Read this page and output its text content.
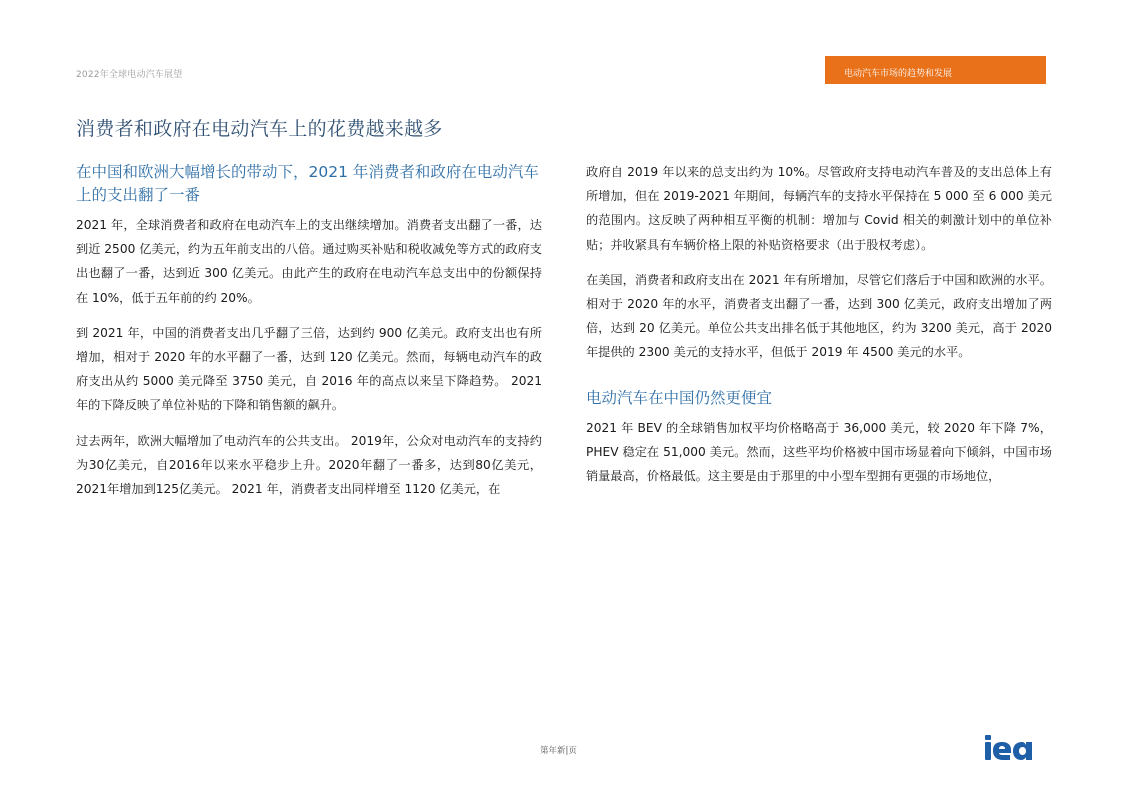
2022年全球电动汽车展望	电动汽车市场的趋势和发展
消费者和政府在电动汽车上的花费越来越多
在中国和欧洲大幅增长的带动下，2021 年消费者和政府在电动汽车上的支出翻了一番

2021 年，全球消费者和政府在电动汽车上的支出继续增加。消费者支出翻了一番，达到近 2500 亿美元，约为五年前支出的八倍。通过购买补贴和税收减免等方式的政府支出也翻了一番，达到近 300 亿美元。由此产生的政府在电动汽车总支出中的份额保持在 10%，低于五年前的约 20%。

到 2021 年，中国的消费者支出几乎翻了三倍，达到约 900 亿美元。政府支出也有所增加，相对于 2020 年的水平翻了一番，达到 120 亿美元。然而，每辆电动汽车的政府支出从约 5000 美元降至 3750 美元，自 2016 年的高点以来呈下降趋势。 2021 年的下降反映了单位补贴的下降和销售额的飙升。

过去两年，欧洲大幅增加了电动汽车的公共支出。 2019年，公众对电动汽车的支持约为30亿美元，自2016年以来水平稳步上升。2020年翻了一番多，达到80亿美元，2021年增加到125亿美元。 2021 年，消费者支出同样增至 1120 亿美元，在

政府自 2019 年以来的总支出约为 10%。尽管政府支持电动汽车普及的支出总体上有所增加，但在 2019-2021 年期间，每辆汽车的支持水平保持在 5 000 至 6 000 美元的范围内。这反映了两种相互平衡的机制：增加与 Covid 相关的刺激计划中的单位补贴；并收紧具有车辆价格上限的补贴资格要求（出于股权考虑）。

在美国，消费者和政府支出在 2021 年有所增加，尽管它们落后于中国和欧洲的水平。相对于 2020 年的水平，消费者支出翻了一番，达到 300 亿美元，政府支出增加了两倍，达到 20 亿美元。单位公共支出排名低于其他地区，约为 3200 美元，高于 2020 年提供的 2300 美元的支持水平，但低于 2019 年 4500 美元的水平。

电动汽车在中国仍然更便宜

2021 年 BEV 的全球销售加权平均价格略高于 36,000 美元，较 2020 年下降 7%，PHEV 稳定在 51,000 美元。然而，这些平均价格被中国市场显着向下倾斜，中国市场销量最高，价格最低。这主要是由于那里的中小型车型拥有更强的市场地位，

第年新|页
iea
